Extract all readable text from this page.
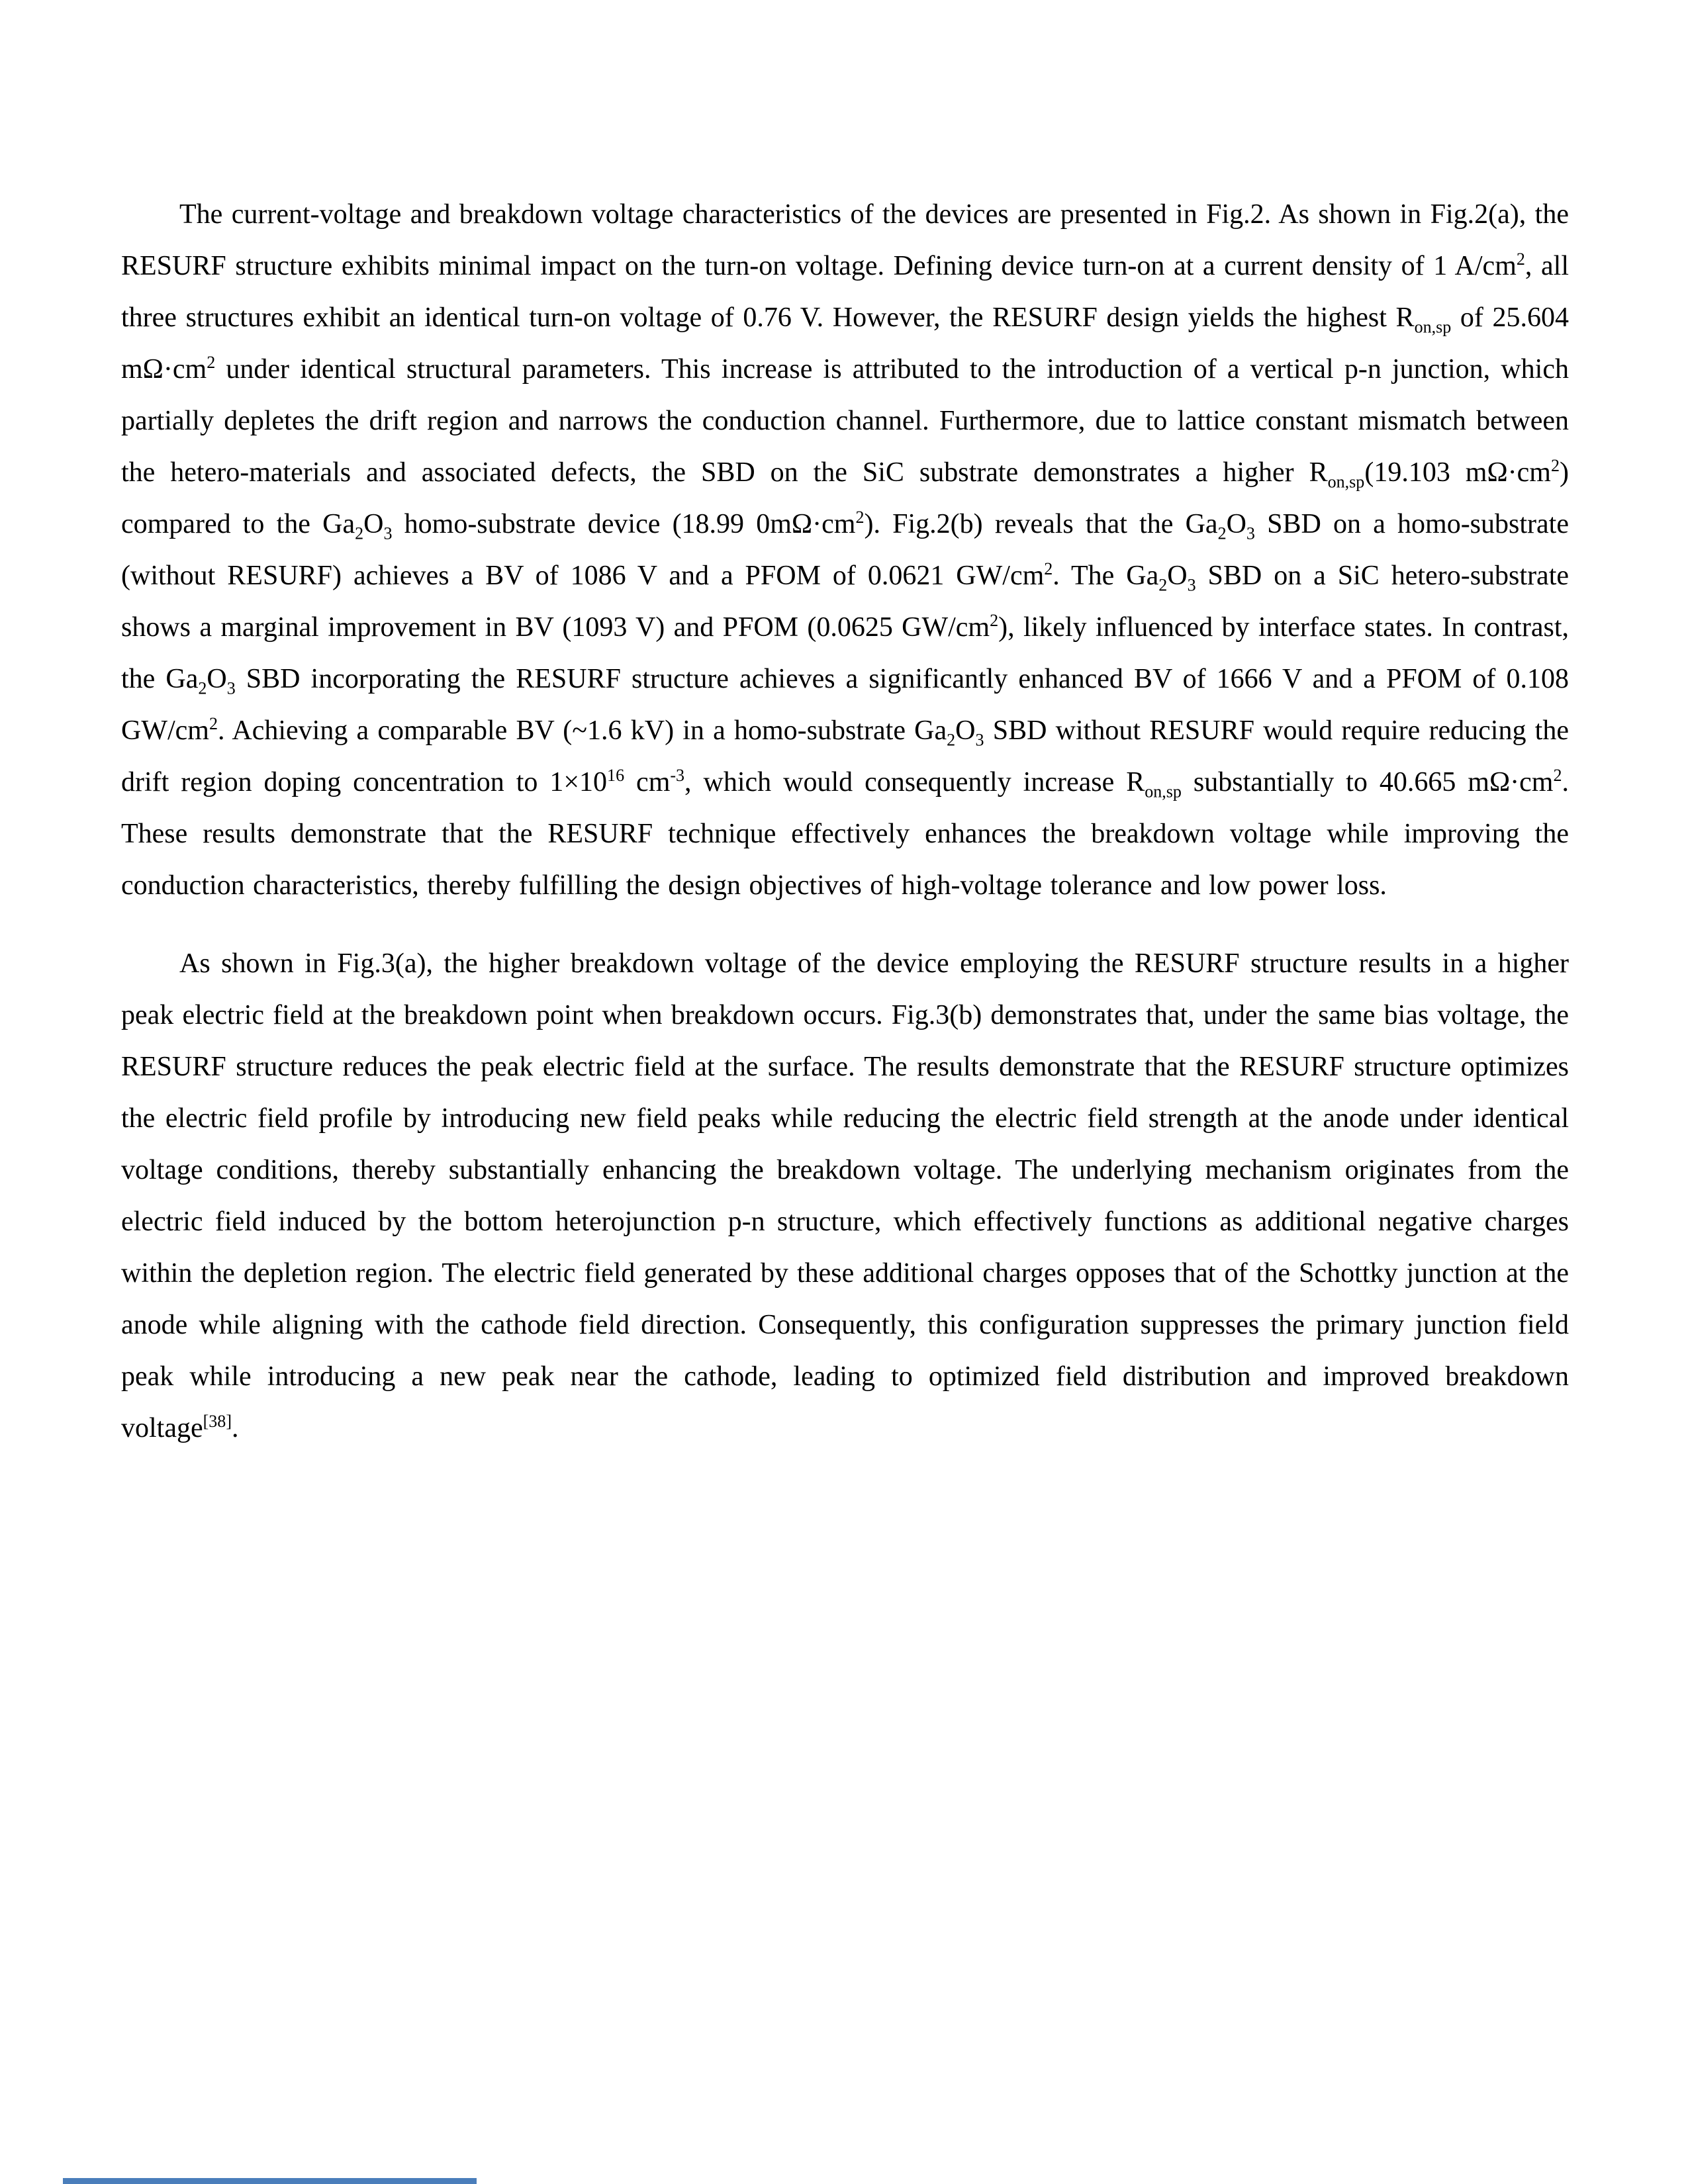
The current-voltage and breakdown voltage characteristics of the devices are presented in Fig.2. As shown in Fig.2(a), the RESURF structure exhibits minimal impact on the turn-on voltage. Defining device turn-on at a current density of 1 $A/cm^2$, all three structures exhibit an identical turn-on voltage of 0.76 V. However, the RESURF design yields the highest $R_{on,sp}$ of 25.604 $m\Omega\cdot cm^2$ under identical structural parameters. This increase is attributed to the introduction of a vertical p-n junction, which partially depletes the drift region and narrows the conduction channel. Furthermore, due to lattice constant mismatch between the hetero-materials and associated defects, the SBD on the SiC substrate demonstrates a higher $R_{on,sp}(19.103$ $m\Omega\cdot cm^2$) compared to the $Ga_2O_3$ homo-substrate device (18.99 $0m\Omega\cdot cm^2$). Fig.2(b) reveals that the $Ga_2O_3$ SBD on a homo-substrate (without RESURF) achieves a BV of 1086 V and a PFOM of 0.0621 $GW/cm^2$. The $Ga_2O_3$ SBD on a SiC hetero-substrate shows a marginal improvement in BV (1093 V) and PFOM (0.0625 $GW/cm^2$), likely influenced by interface states. In contrast, the $Ga_2O_3$ SBD incorporating the RESURF structure achieves a significantly enhanced BV of 1666 V and a PFOM of 0.108 $GW/cm^2$. Achieving a comparable BV (~1.6 kV) in a homo-substrate $Ga_2O_3$ SBD without RESURF would require reducing the drift region doping concentration to $1\times 10^{16}$ $cm^{-3}$, which would consequently increase $R_{on,sp}$ substantially to 40.665 $m\Omega\cdot cm^2$. These results demonstrate that the RESURF technique effectively enhances the breakdown voltage while improving the conduction characteristics, thereby fulfilling the design objectives of high-voltage tolerance and low power loss.

As shown in Fig.3(a), the higher breakdown voltage of the device employing the RESURF structure results in a higher peak electric field at the breakdown point when breakdown occurs. Fig.3(b) demonstrates that, under the same bias voltage, the RESURF structure reduces the peak electric field at the surface. The results demonstrate that the RESURF structure optimizes the electric field profile by introducing new field peaks while reducing the electric field strength at the anode under identical voltage conditions, thereby substantially enhancing the breakdown voltage. The underlying mechanism originates from the electric field induced by the bottom heterojunction p-n structure, which effectively functions as additional negative charges within the depletion region. The electric field generated by these additional charges opposes that of the Schottky junction at the anode while aligning with the cathode field direction. Consequently, this configuration suppresses the primary junction field peak while introducing a new peak near the cathode, leading to optimized field distribution and improved breakdown voltage[38].
